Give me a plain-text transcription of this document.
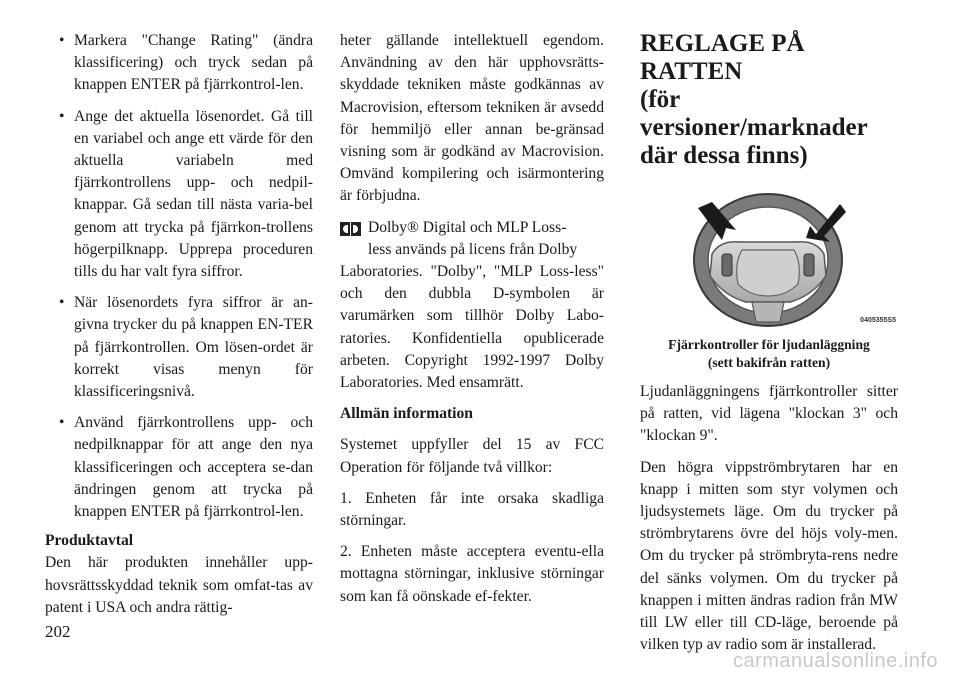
• Markera "Change Rating" (ändra klassificering) och tryck sedan på knappen ENTER på fjärrkontrol-len.
• Ange det aktuella lösenordet. Gå till en variabel och ange ett värde för den aktuella variabeln med fjärrkontrollens upp- och nedpil-knappar. Gå sedan till nästa varia-bel genom att trycka på fjärrkon-trollens högerpilknapp. Upprepa proceduren tills du har valt fyra siffror.
• När lösenordets fyra siffror är an-givna trycker du på knappen EN-TER på fjärrkontrollen. Om lösen-ordet är korrekt visas menyn för klassificeringsnivå.
• Använd fjärrkontrollens upp- och nedpilknappar för att ange den nya klassificeringen och acceptera se-dan ändringen genom att trycka på knappen ENTER på fjärrkontrol-len.
Produktavtal
Den här produkten innehåller upp-hovsrättsskyddad teknik som omfat-tas av patent i USA och andra rättig-

heter gällande intellektuell egendom. Användning av den här upphovsrätts-skyddade tekniken måste godkännas av Macrovision, eftersom tekniken är avsedd för hemmiljö eller annan be-gränsad visning som är godkänd av Macrovision. Omvänd kompilering och isärmontering är förbjudna.

Dolby® Digital och MLP Loss-
less används på licens från Dolby
Laboratories. "Dolby", "MLP Loss-less" och den dubbla D-symbolen är varumärken som tillhör Dolby Labo-ratories. Konfidentiella opublicerade arbeten. Copyright 1992-1997 Dolby Laboratories. Med ensamrätt.
Allmän information

Systemet uppfyller del 15 av FCC Operation för följande två villkor:

1. Enheten får inte orsaka skadliga störningar.

2. Enheten måste acceptera eventu-ella mottagna störningar, inklusive störningar som kan få oönskade ef-fekter.

REGLAGE PÅ RATTEN
(för versioner/marknader
där dessa finns)
0405355S5
Fjärrkontroller för ljudanläggning
(sett bakifrån ratten)

Ljudanläggningens fjärrkontroller sitter på ratten, vid lägena "klockan 3" och "klockan 9".

Den högra vippströmbrytaren har en knapp i mitten som styr volymen och ljudsystemets läge. Om du trycker på strömbrytarens övre del höjs voly-men. Om du trycker på strömbryta-rens nedre del sänks volymen. Om du trycker på knappen i mitten ändras radion från MW till LW eller till CD-läge, beroende på vilken typ av radio som är installerad.

202
carmanualsonline.info
